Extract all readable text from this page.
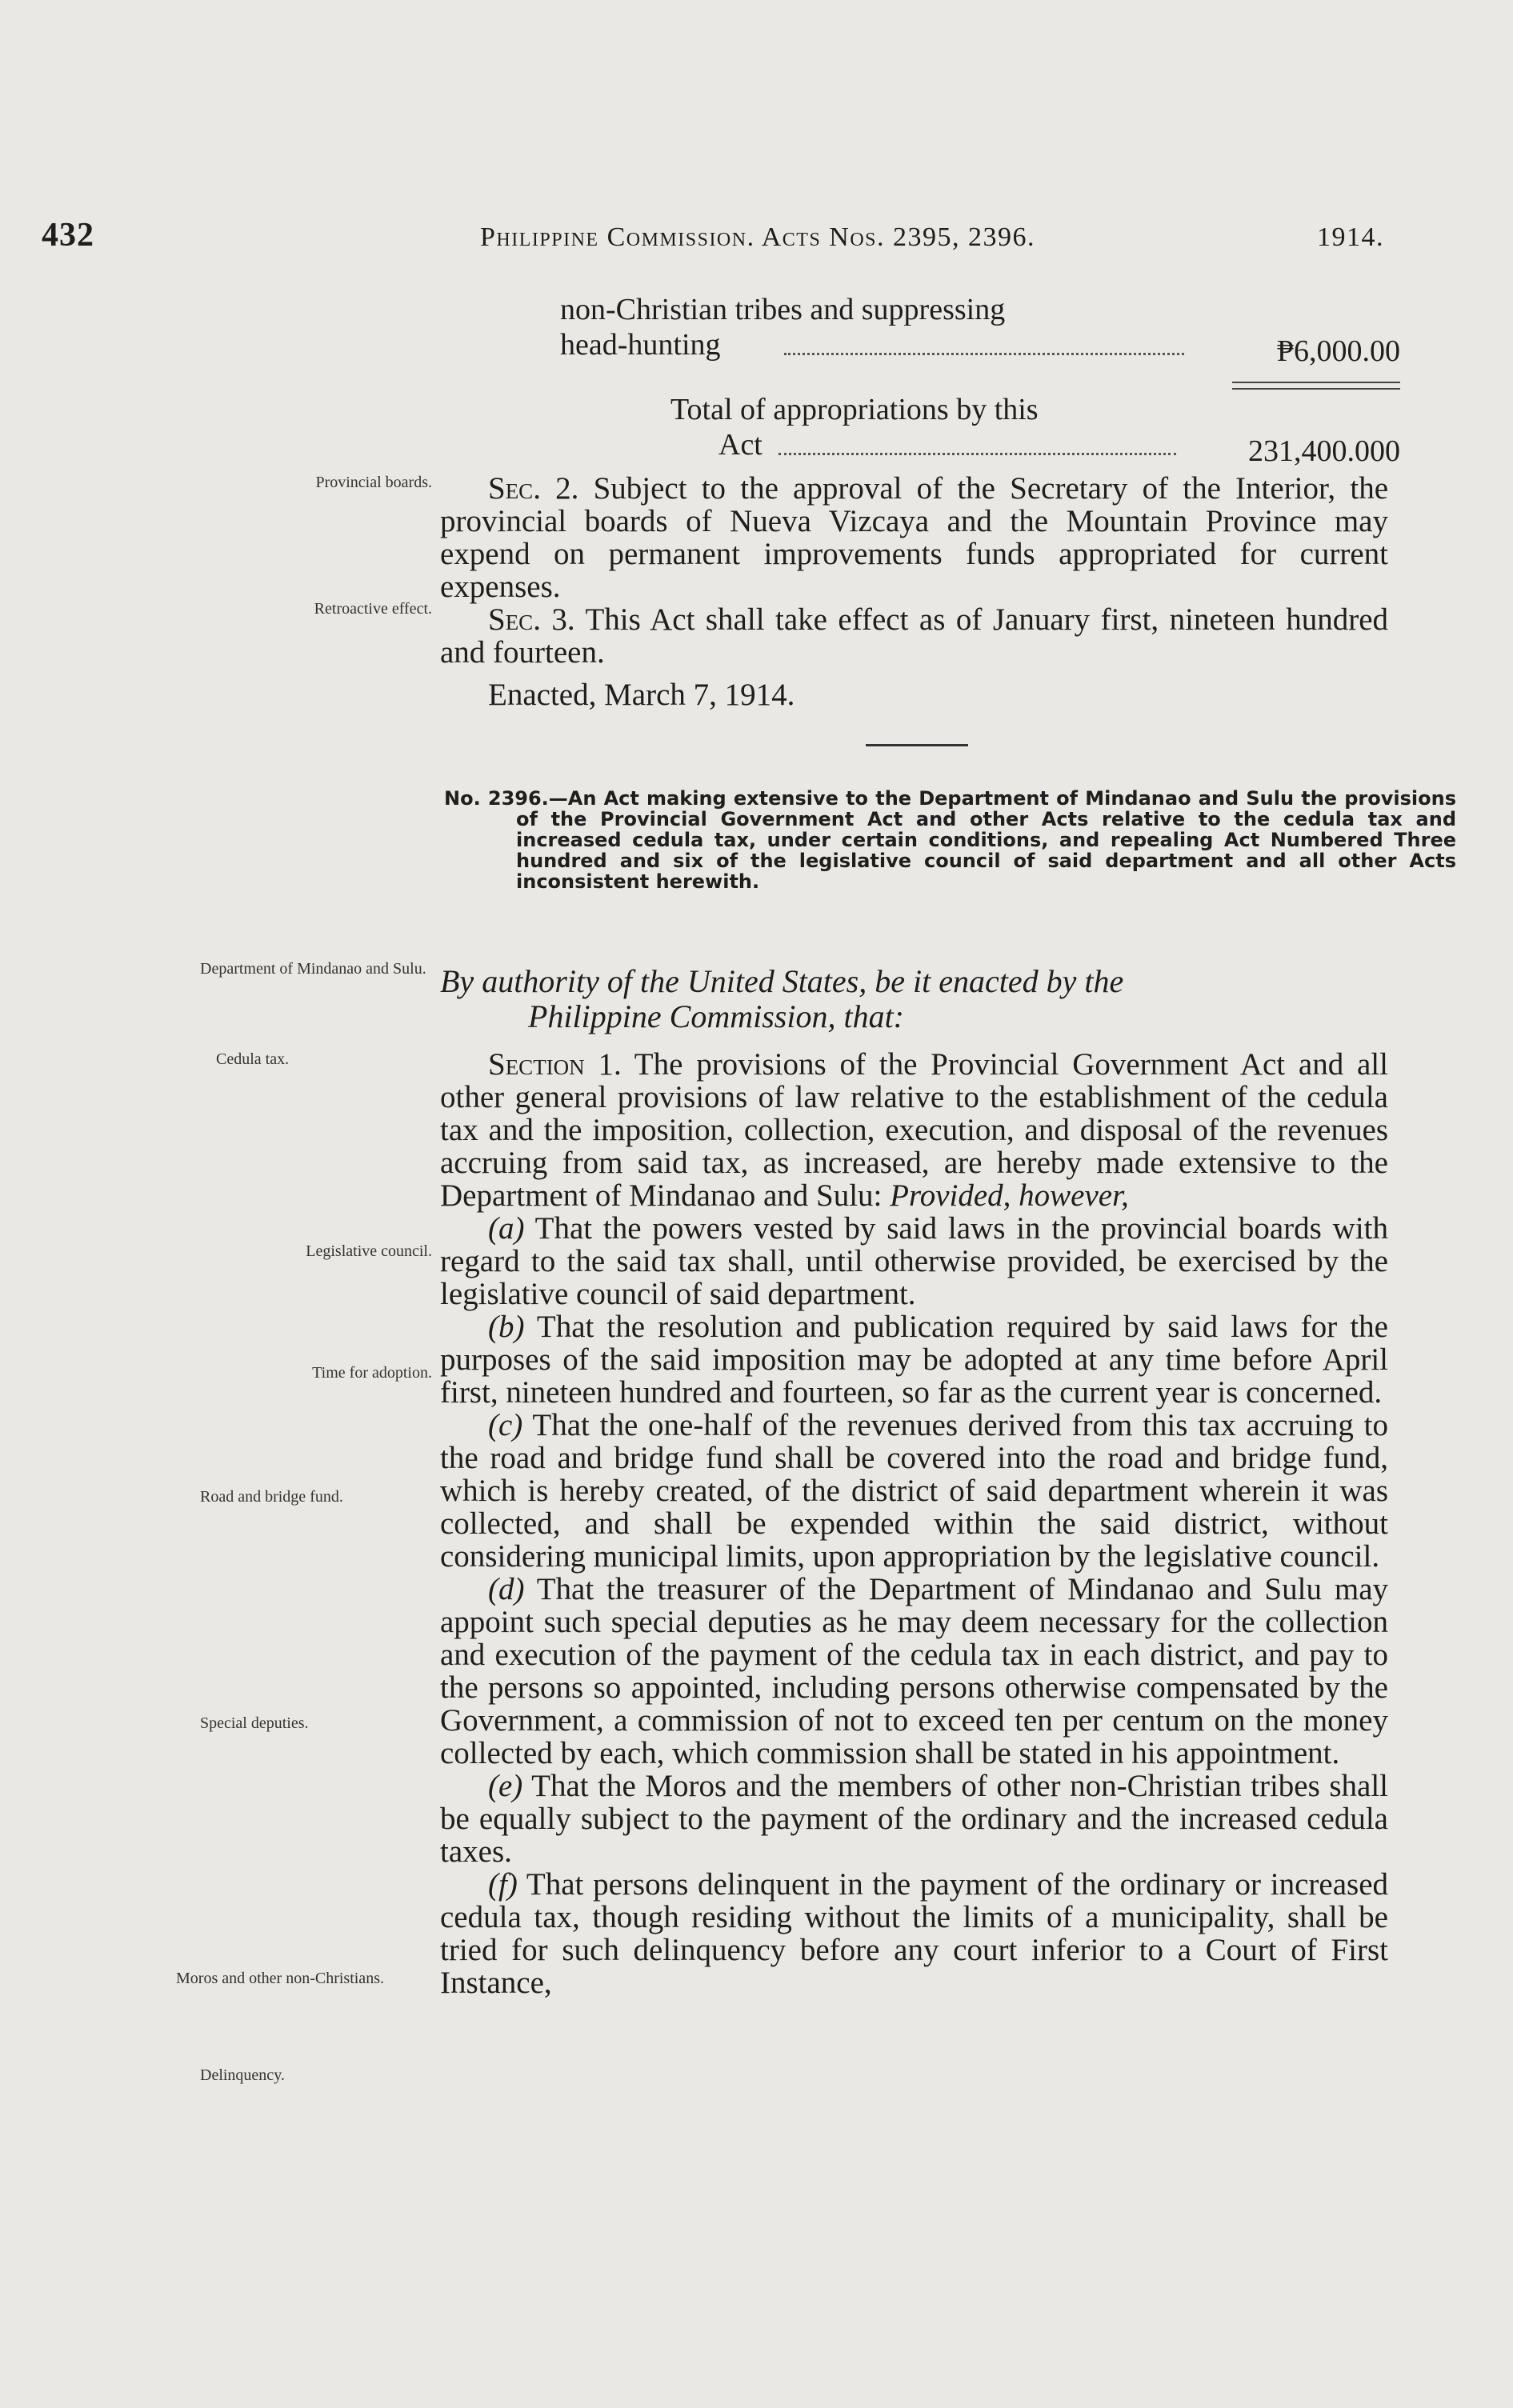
432	Philippine Commission. Acts Nos. 2395, 2396.	1914.
non-Christian tribes and suppressing
head-hunting	₱6,000.00
Total of appropriations by this
Act	231,400.000
Provincial boards.
Retroactive effect.
Department of Mindanao and Sulu.
Cedula tax.
Legislative council.
Time for adoption.
Road and bridge fund.
Special deputies.
Moros and other non-Christians.
Delinquency.

Sec. 2. Subject to the approval of the Secretary of the Interior, the provincial boards of Nueva Vizcaya and the Mountain Province may expend on permanent improvements funds appropriated for current expenses.

Sec. 3. This Act shall take effect as of January first, nineteen hundred and fourteen.

Enacted, March 7, 1914.

No. 2396.—An Act making extensive to the Department of Mindanao and Sulu the provisions of the Provincial Government Act and other Acts relative to the cedula tax and increased cedula tax, under certain conditions, and repealing Act Numbered Three hundred and six of the legislative council of said department and all other Acts inconsistent herewith.
By authority of the United States, be it enacted by the
Philippine Commission, that:

Section 1. The provisions of the Provincial Government Act and all other general provisions of law relative to the establishment of the cedula tax and the imposition, collection, execution, and disposal of the revenues accruing from said tax, as increased, are hereby made extensive to the Department of Mindanao and Sulu: Provided, however,

(a) That the powers vested by said laws in the provincial boards with regard to the said tax shall, until otherwise provided, be exercised by the legislative council of said department.

(b) That the resolution and publication required by said laws for the purposes of the said imposition may be adopted at any time before April first, nineteen hundred and fourteen, so far as the current year is concerned.

(c) That the one-half of the revenues derived from this tax accruing to the road and bridge fund shall be covered into the road and bridge fund, which is hereby created, of the district of said department wherein it was collected, and shall be expended within the said district, without considering municipal limits, upon appropriation by the legislative council.

(d) That the treasurer of the Department of Mindanao and Sulu may appoint such special deputies as he may deem necessary for the collection and execution of the payment of the cedula tax in each district, and pay to the persons so appointed, including persons otherwise compensated by the Government, a commission of not to exceed ten per centum on the money collected by each, which commission shall be stated in his appointment.

(e) That the Moros and the members of other non-Christian tribes shall be equally subject to the payment of the ordinary and the increased cedula taxes.

(f) That persons delinquent in the payment of the ordinary or increased cedula tax, though residing without the limits of a municipality, shall be tried for such delinquency before any court inferior to a Court of First Instance,
